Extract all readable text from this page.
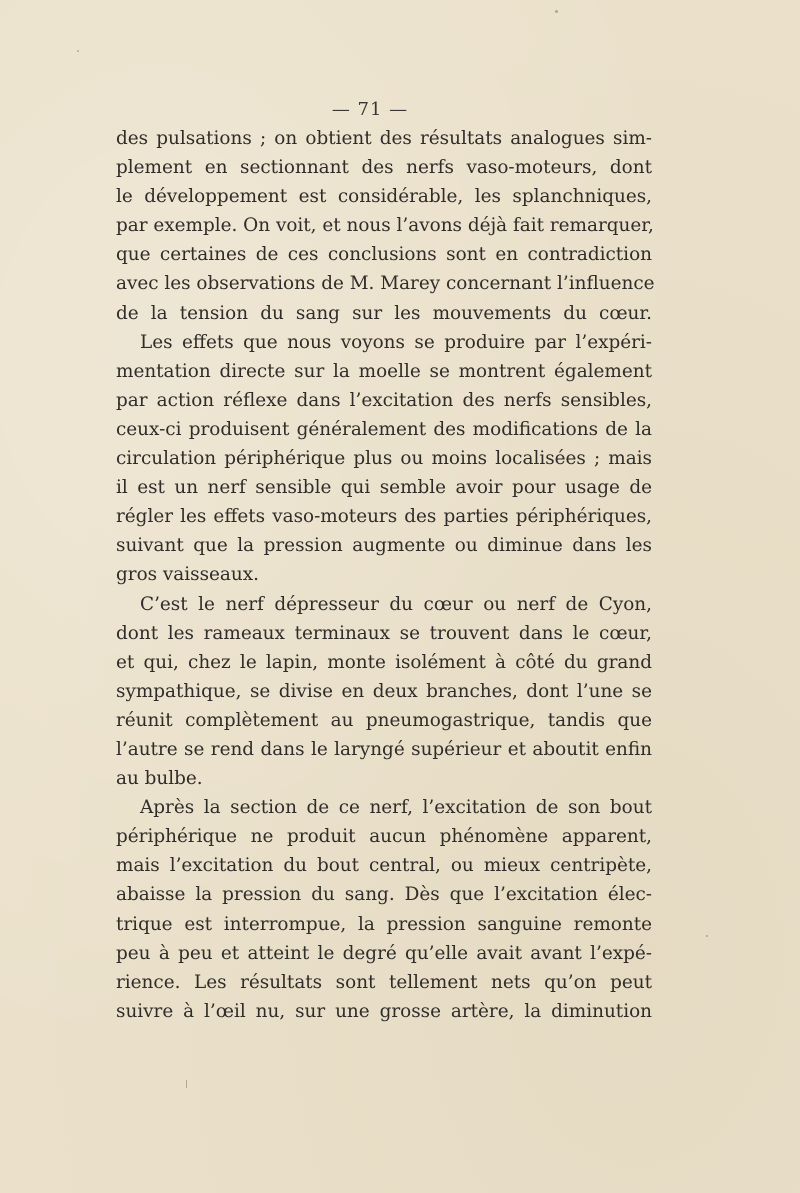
— 71 —
des pulsations ; on obtient des résultats analogues sim-
plement en sectionnant des nerfs vaso-moteurs, dont
le développement est considérable, les splanchniques,
par exemple. On voit, et nous l’avons déjà fait remarquer,
que certaines de ces conclusions sont en contradiction
avec les observations de M. Marey concernant l’influence
de la tension du sang sur les mouvements du cœur.
Les effets que nous voyons se produire par l’expéri-
mentation directe sur la moelle se montrent également
par action réflexe dans l’excitation des nerfs sensibles,
ceux-ci produisent généralement des modifications de la
circulation périphérique plus ou moins localisées ; mais
il est un nerf sensible qui semble avoir pour usage de
régler les effets vaso-moteurs des parties périphériques,
suivant que la pression augmente ou diminue dans les
gros vaisseaux.
C’est le nerf dépresseur du cœur ou nerf de Cyon,
dont les rameaux terminaux se trouvent dans le cœur,
et qui, chez le lapin, monte isolément à côté du grand
sympathique, se divise en deux branches, dont l’une se
réunit complètement au pneumogastrique, tandis que
l’autre se rend dans le laryngé supérieur et aboutit enfin
au bulbe.
Après la section de ce nerf, l’excitation de son bout
périphérique ne produit aucun phénomène apparent,
mais l’excitation du bout central, ou mieux centripète,
abaisse la pression du sang. Dès que l’excitation élec-
trique est interrompue, la pression sanguine remonte
peu à peu et atteint le degré qu’elle avait avant l’expé-
rience. Les résultats sont tellement nets qu’on peut
suivre à l’œil nu, sur une grosse artère, la diminution
